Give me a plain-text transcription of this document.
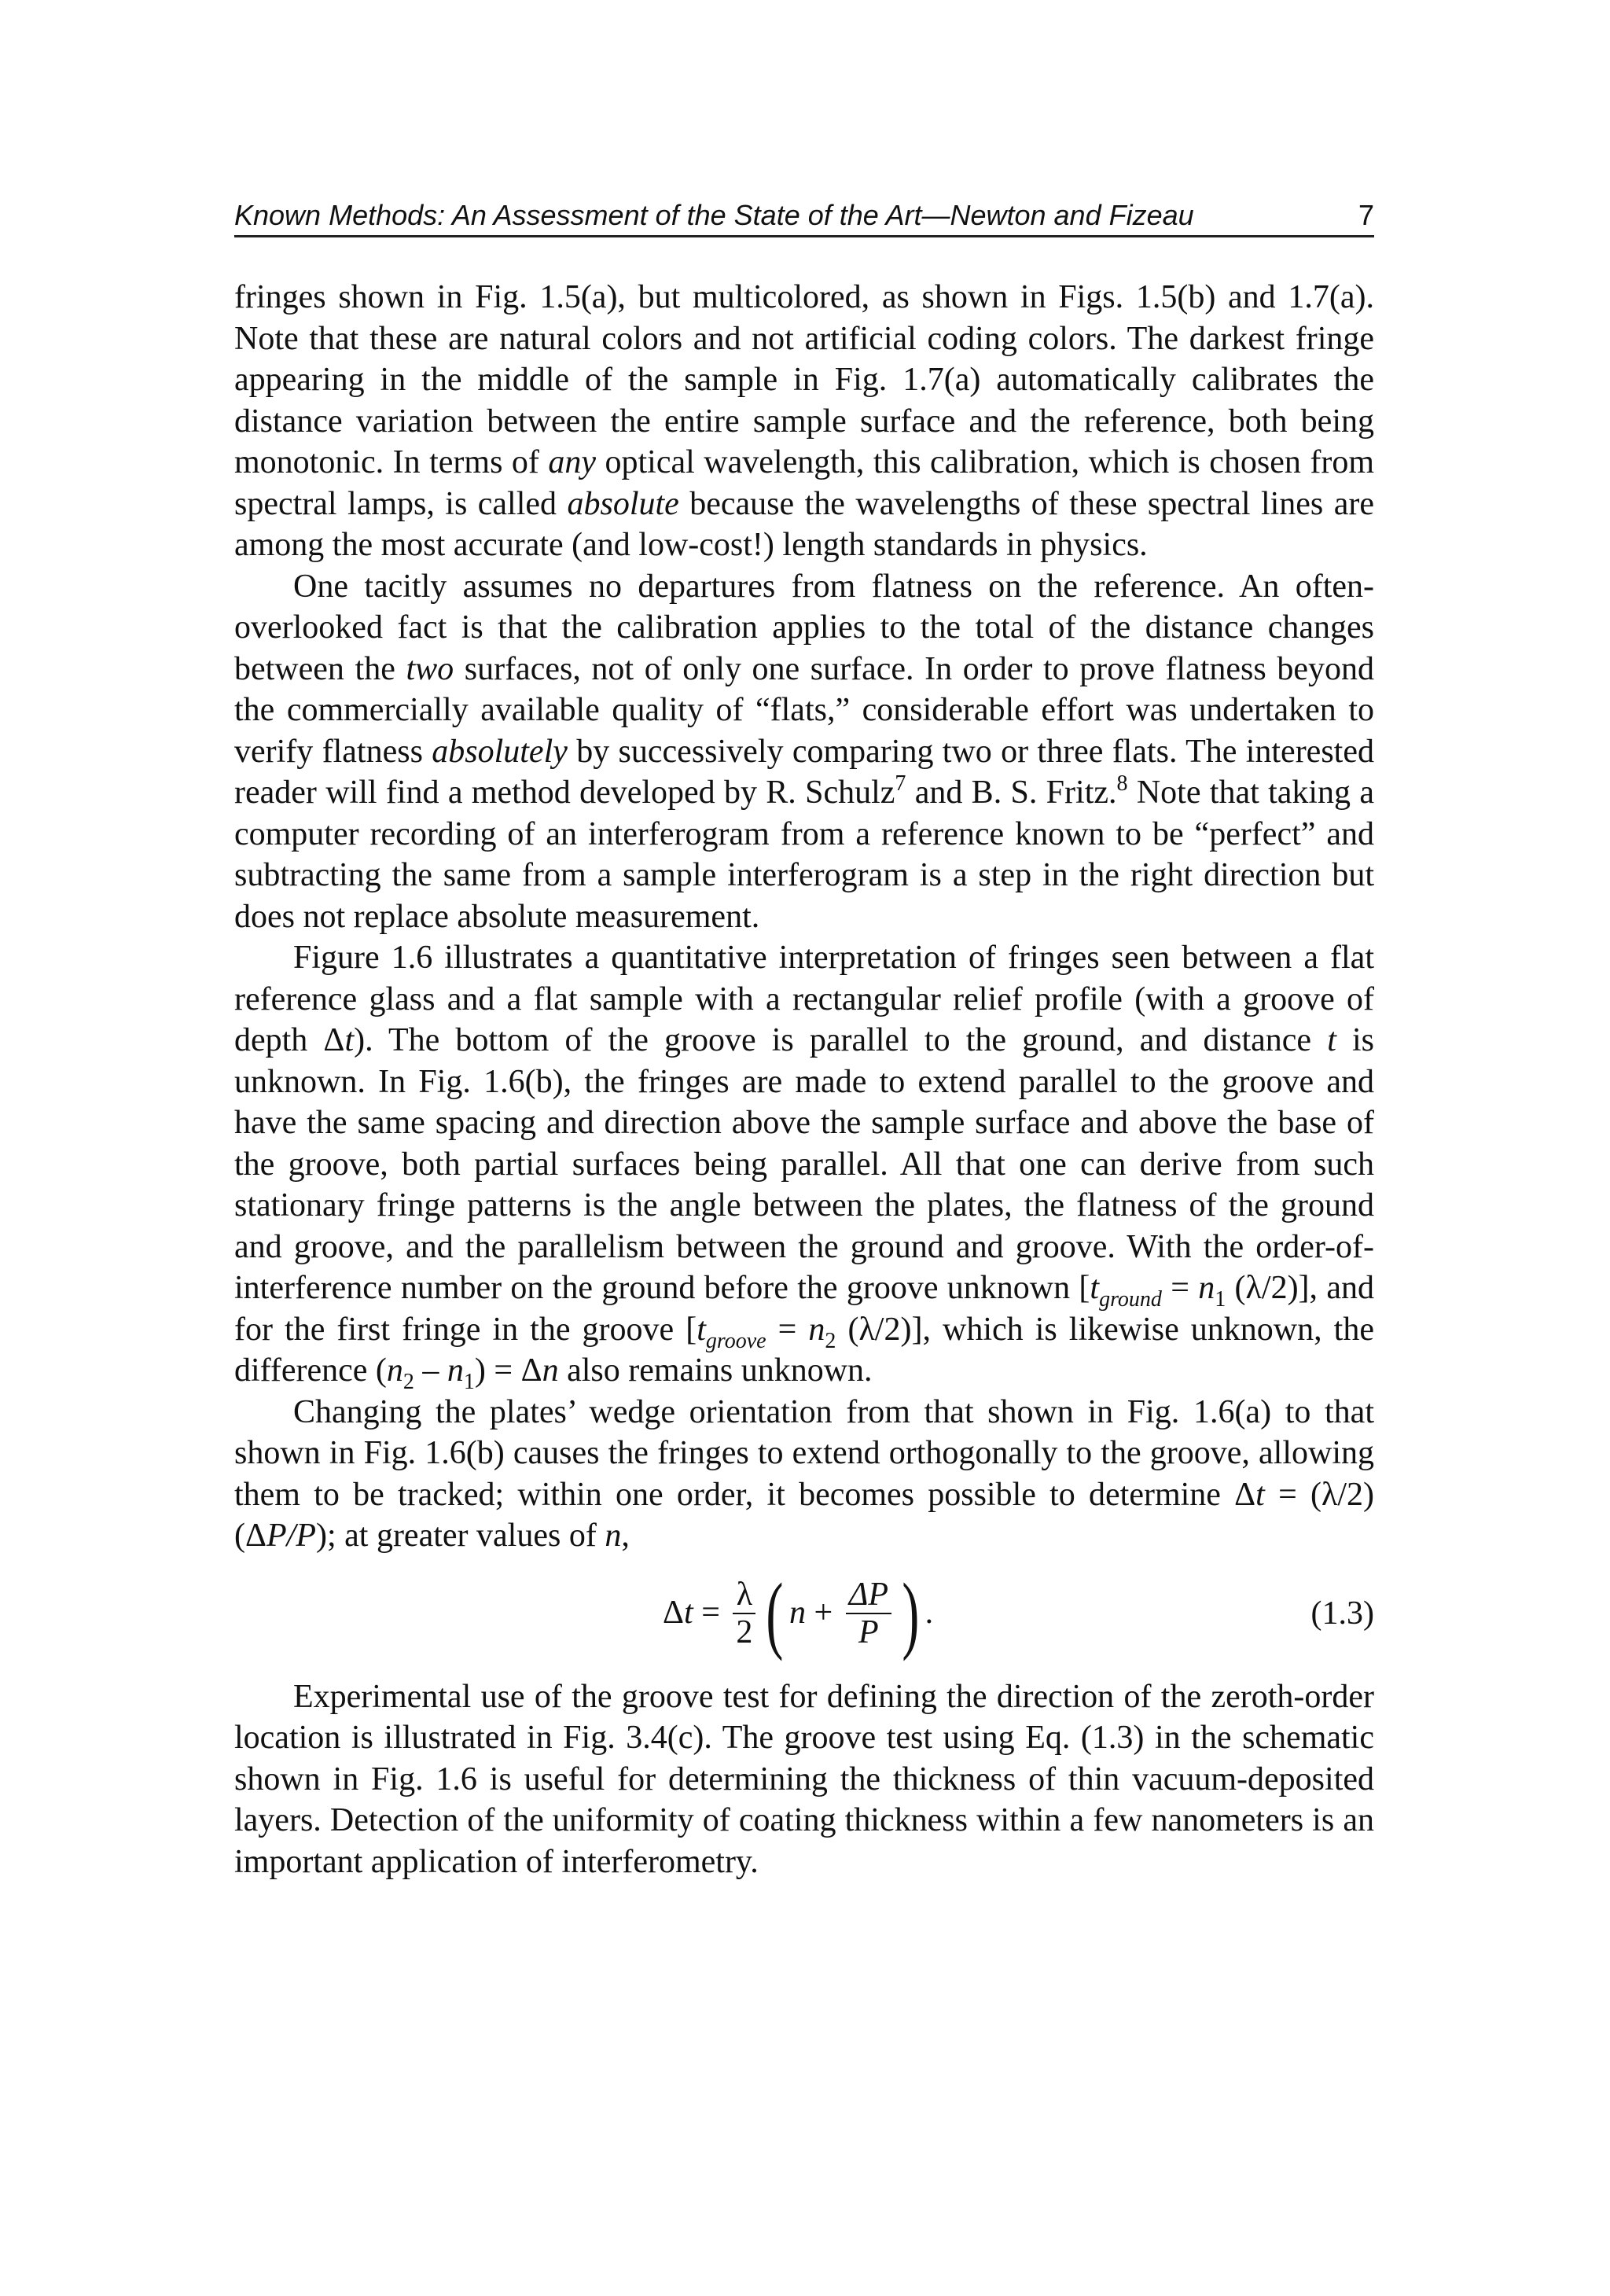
Known Methods: An Assessment of the State of the Art—Newton and Fizeau	7

fringes shown in Fig. 1.5(a), but multicolored, as shown in Figs. 1.5(b) and 1.7(a). Note that these are natural colors and not artificial coding colors. The darkest fringe appearing in the middle of the sample in Fig. 1.7(a) automatically calibrates the distance variation between the entire sample surface and the reference, both being monotonic. In terms of any optical wavelength, this calibration, which is chosen from spectral lamps, is called absolute because the wavelengths of these spectral lines are among the most accurate (and low-cost!) length standards in physics.

One tacitly assumes no departures from flatness on the reference. An often-overlooked fact is that the calibration applies to the total of the distance changes between the two surfaces, not of only one surface. In order to prove flatness beyond the commercially available quality of “flats,” considerable effort was undertaken to verify flatness absolutely by successively comparing two or three flats. The interested reader will find a method developed by R. Schulz$^7$ and B. S. Fritz.$^8$ Note that taking a computer recording of an interferogram from a reference known to be “perfect” and subtracting the same from a sample interferogram is a step in the right direction but does not replace absolute measurement.

Figure 1.6 illustrates a quantitative interpretation of fringes seen between a flat reference glass and a flat sample with a rectangular relief profile (with a groove of depth Δt). The bottom of the groove is parallel to the ground, and distance t is unknown. In Fig. 1.6(b), the fringes are made to extend parallel to the groove and have the same spacing and direction above the sample surface and above the base of the groove, both partial surfaces being parallel. All that one can derive from such stationary fringe patterns is the angle between the plates, the flatness of the ground and groove, and the parallelism between the ground and groove. With the order-of-interference number on the ground before the groove unknown [$t_{ground} = n_1$ (λ/2)], and for the first fringe in the groove [$t_{groove} = n_2$ (λ/2)], which is likewise unknown, the difference $(n_2 - n_1) = \Delta n$ also remains unknown.

Changing the plates’ wedge orientation from that shown in Fig. 1.6(a) to that shown in Fig. 1.6(b) causes the fringes to extend orthogonally to the groove, allowing them to be tracked; within one order, it becomes possible to determine Δt = (λ/2) (ΔP/P); at greater values of n,

Δ $t = \frac{\lambda}{2}$ ( $n + \frac{\Delta P}{P}$ ) .	(1.3)

Experimental use of the groove test for defining the direction of the zeroth-order location is illustrated in Fig. 3.4(c). The groove test using Eq. (1.3) in the schematic shown in Fig. 1.6 is useful for determining the thickness of thin vacuum-deposited layers. Detection of the uniformity of coating thickness within a few nanometers is an important application of interferometry.
